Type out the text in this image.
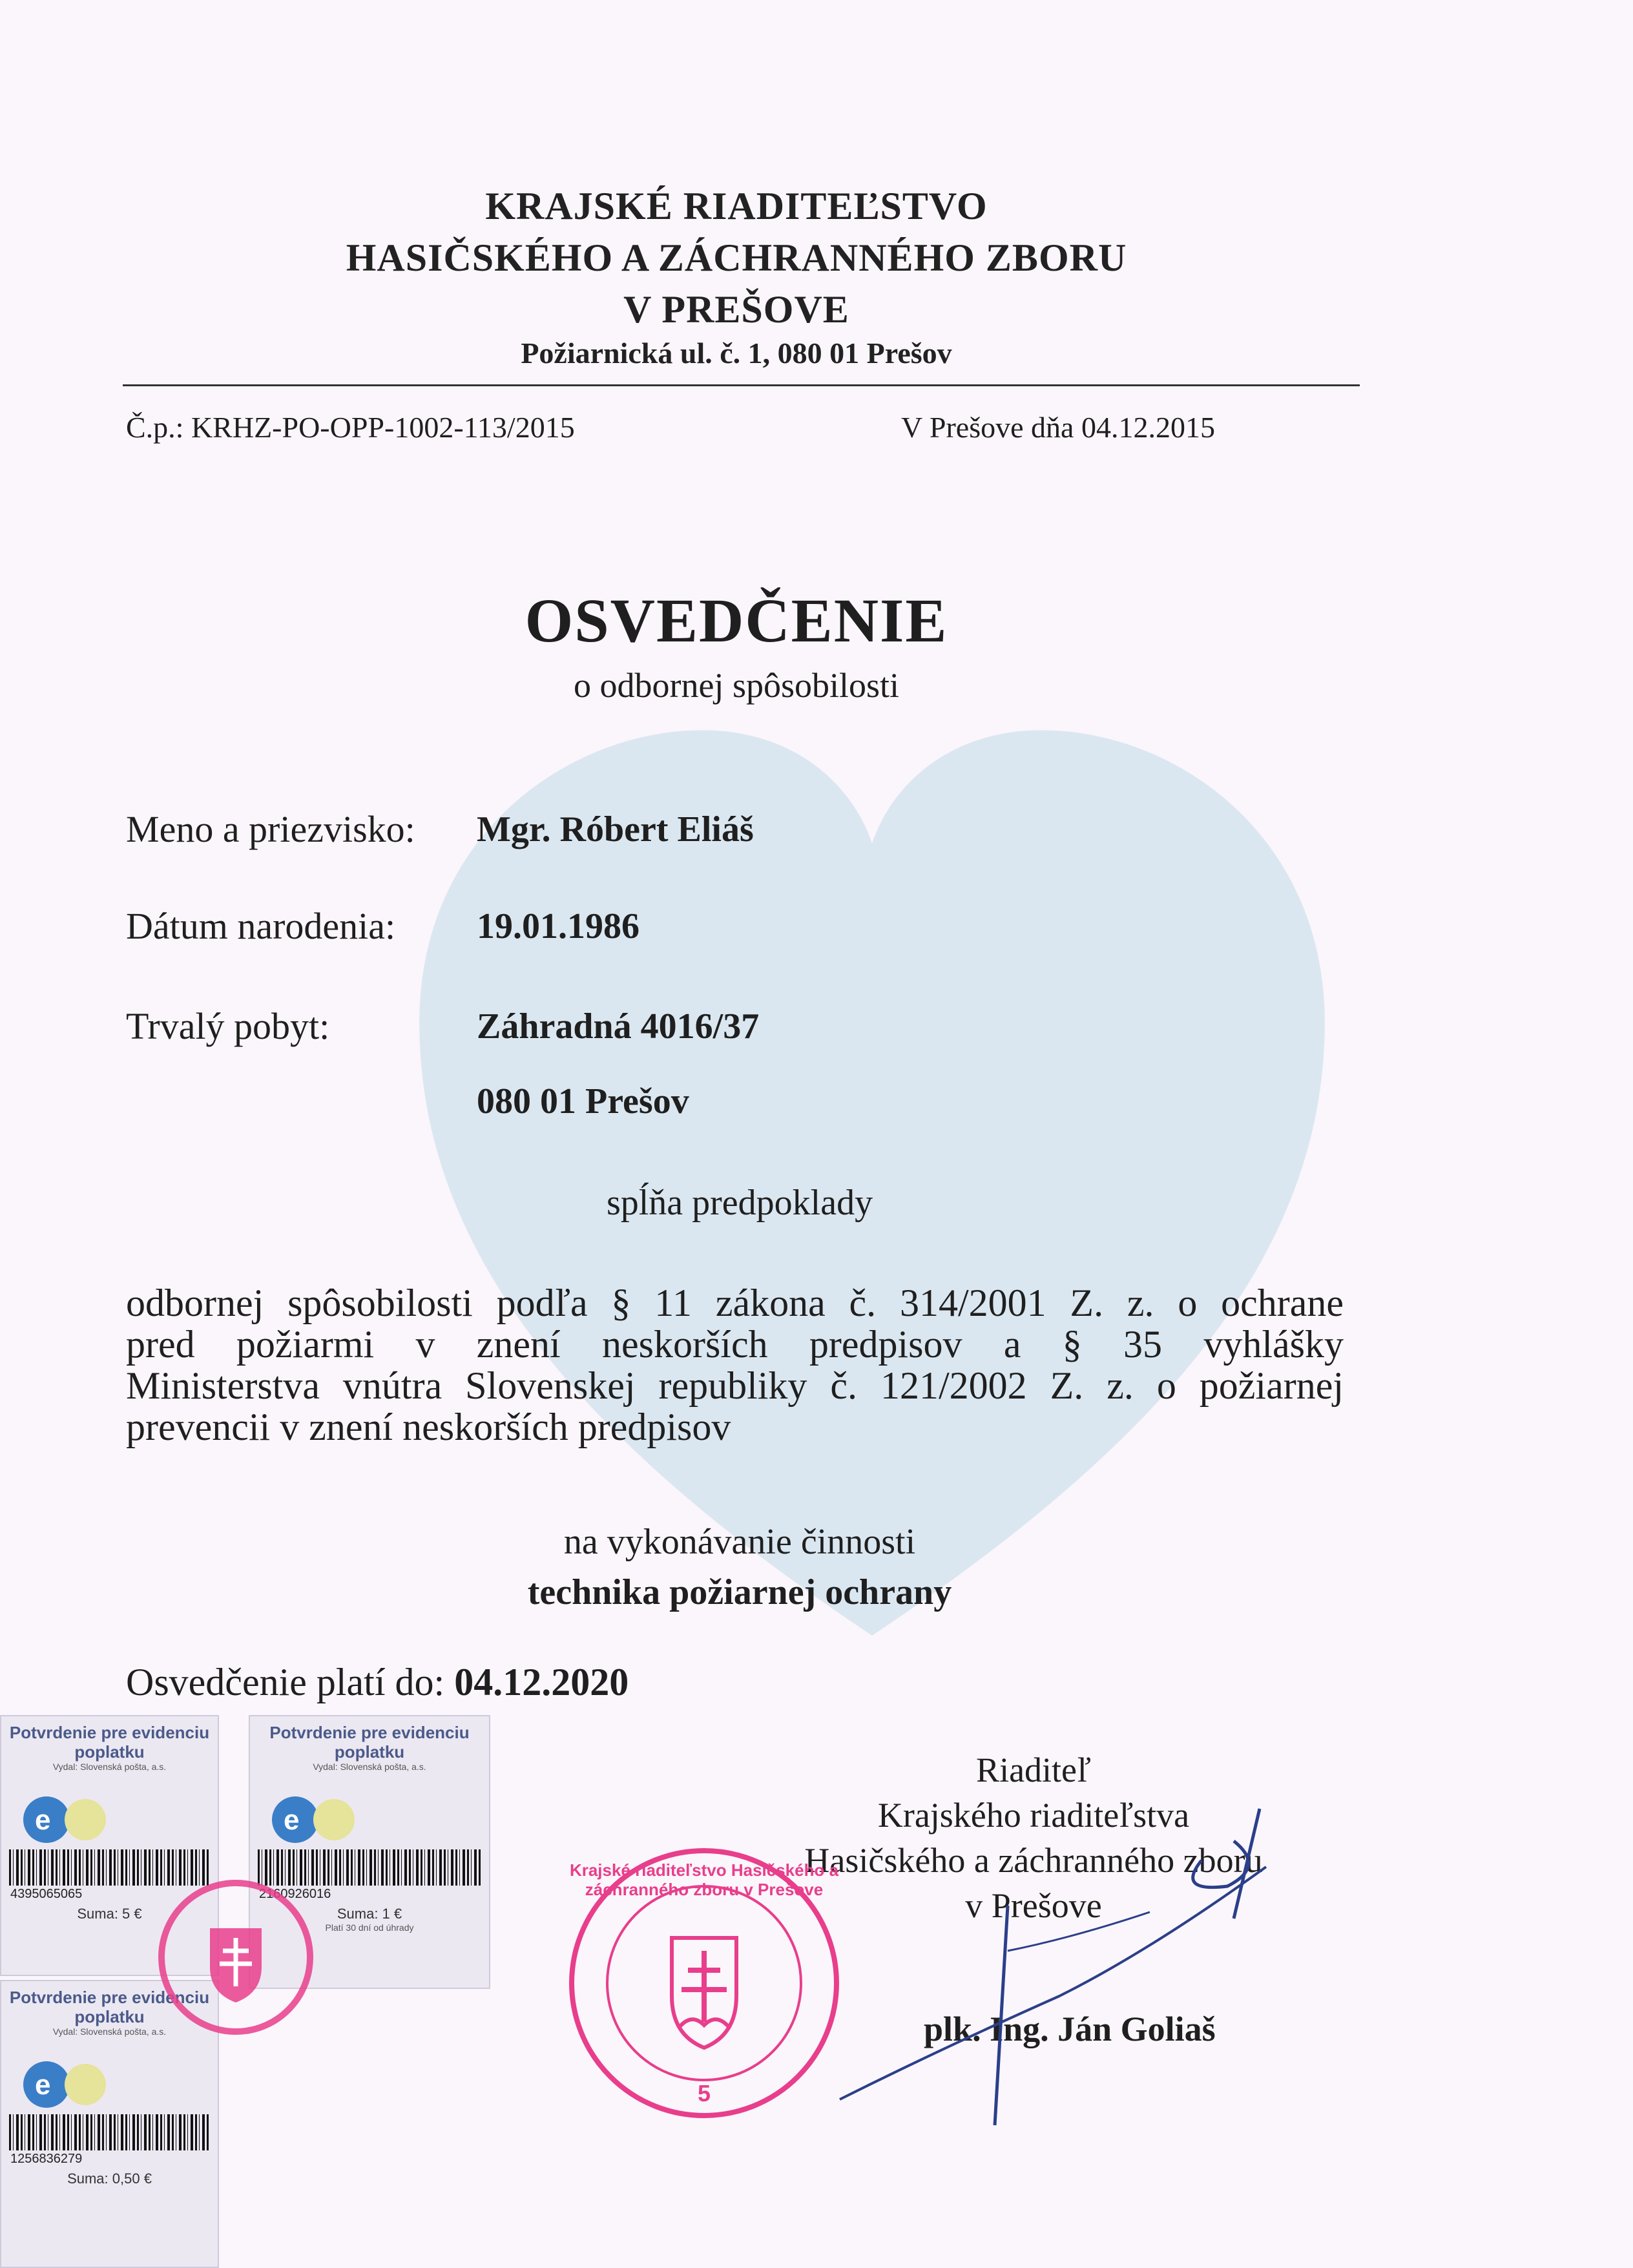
KRAJSKÉ RIADITEĽSTVO
HASIČSKÉHO A ZÁCHRANNÉHO ZBORU
V PREŠOVE
Požiarnická ul. č. 1, 080 01 Prešov
Č.p.: KRHZ-PO-OPP-1002-113/2015	V Prešove dňa 04.12.2015
OSVEDČENIE
o odbornej spôsobilosti
Meno a priezvisko: Mgr. Róbert Eliáš
Dátum narodenia: 19.01.1986
Trvalý pobyt:	Záhradná 4016/37
080 01 Prešov
spĺňa predpoklady

odbornej spôsobilosti podľa § 11 zákona č. 314/2001 Z. z. o ochrane

pred požiarmi v znení neskorších predpisov a § 35 vyhlášky

Ministerstva vnútra Slovenskej republiky č. 121/2002 Z. z. o požiarnej

prevencii v znení neskorších predpisov

na vykonávanie činnosti
technika požiarnej ochrany
Osvedčenie platí do: 04.12.2020
Riaditeľ
Krajského riaditeľstva
Hasičského a záchranného zboru
v Prešove
plk. Ing. Ján Goliaš
Krajské riaditeľstvo Hasičského a záchranného zboru v Prešove
5
Potvrdenie pre evidenciu
poplatku
Vydal: Slovenská pošta, a.s.
e
4395065065
Suma: 5 €
Potvrdenie pre evidenciu
poplatku
Vydal: Slovenská pošta, a.s.
e
2160926016
Suma: 1 €
Platí 30 dní od úhrady
Potvrdenie pre evidenciu
poplatku
Vydal: Slovenská pošta, a.s.
e
1256836279
Suma: 0,50 €
